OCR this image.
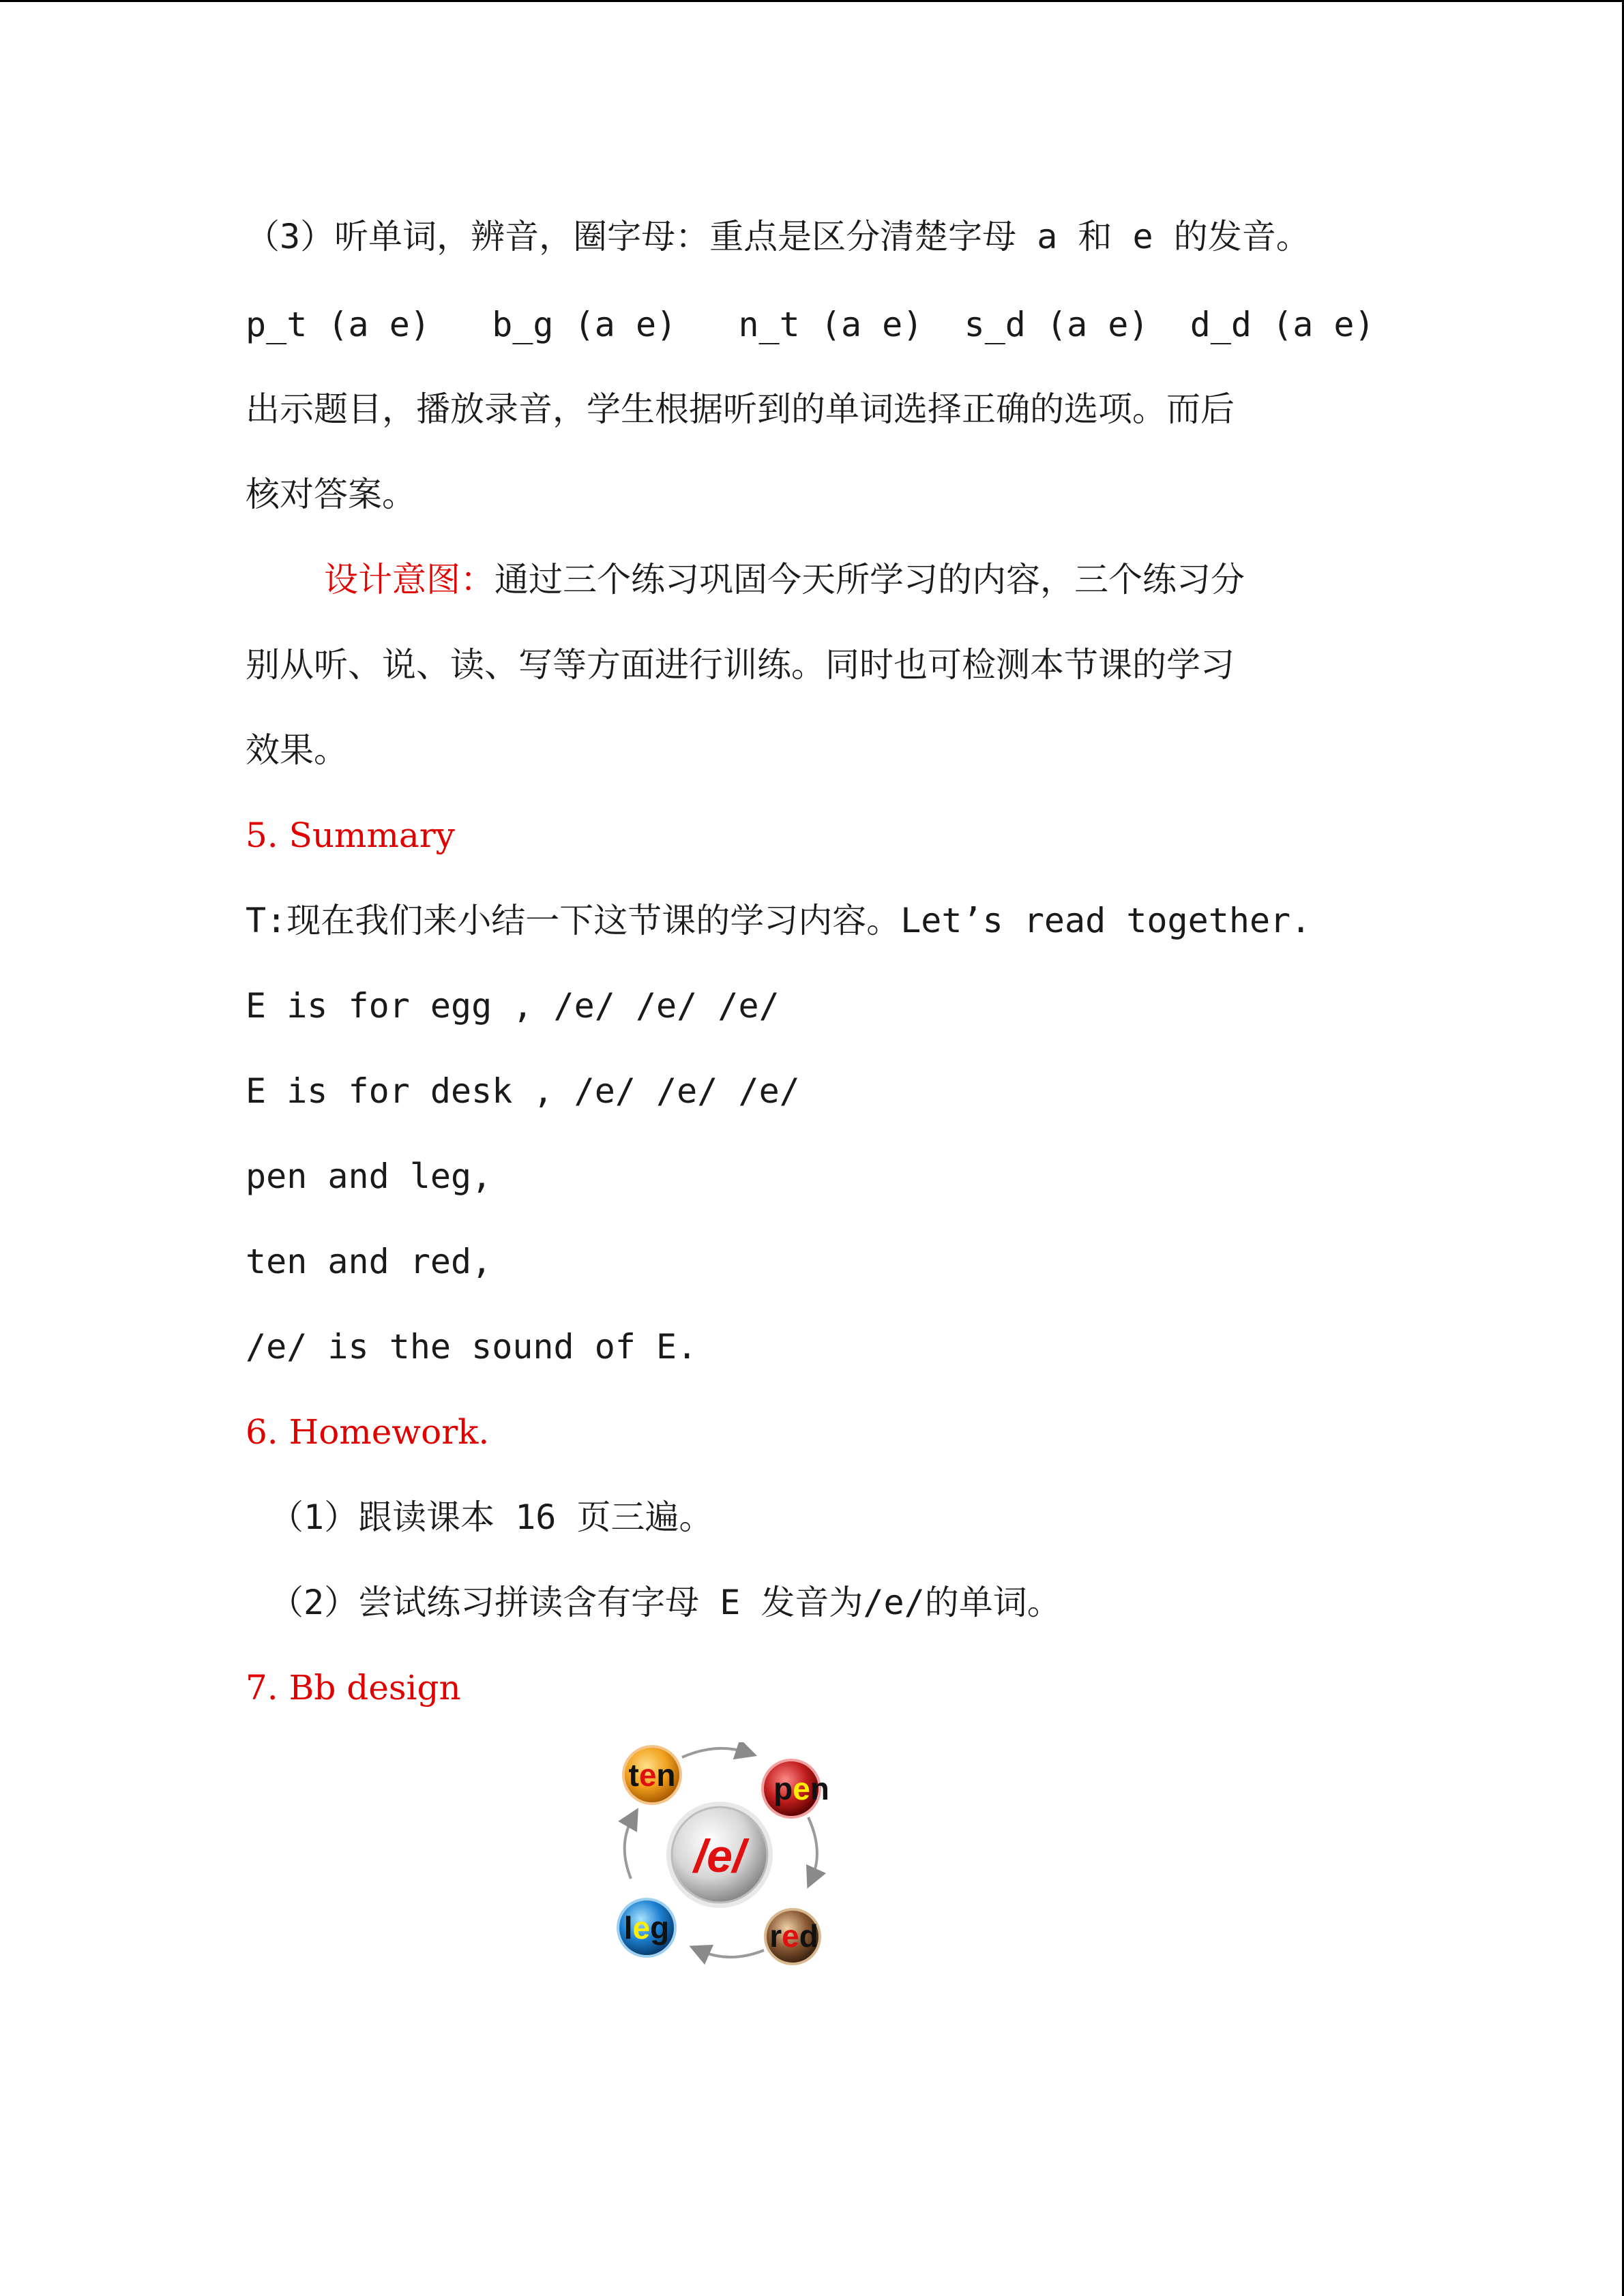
（3）听单词，辨音，圈字母：重点是区分清楚字母 a 和 e 的发音。
p_t (a e)   b_g (a e)   n_t (a e)  s_d (a e)  d_d (a e)
出示题目，播放录音，学生根据听到的单词选择正确的选项。而后
核对答案。
设计意图：通过三个练习巩固今天所学习的内容，三个练习分
别从听、说、读、写等方面进行训练。同时也可检测本节课的学习
效果。
5. Summary
T:现在我们来小结一下这节课的学习内容。Let’s read together.
E is for egg , /e/ /e/ /e/
E is for desk , /e/ /e/ /e/
pen and leg,
ten and red,
/e/ is the sound of E.
6. Homework.
（1）跟读课本 16 页三遍。
（2）尝试练习拼读含有字母 E 发音为/e/的单词。
7. Bb design
/e/
ten	pen
red
leg
